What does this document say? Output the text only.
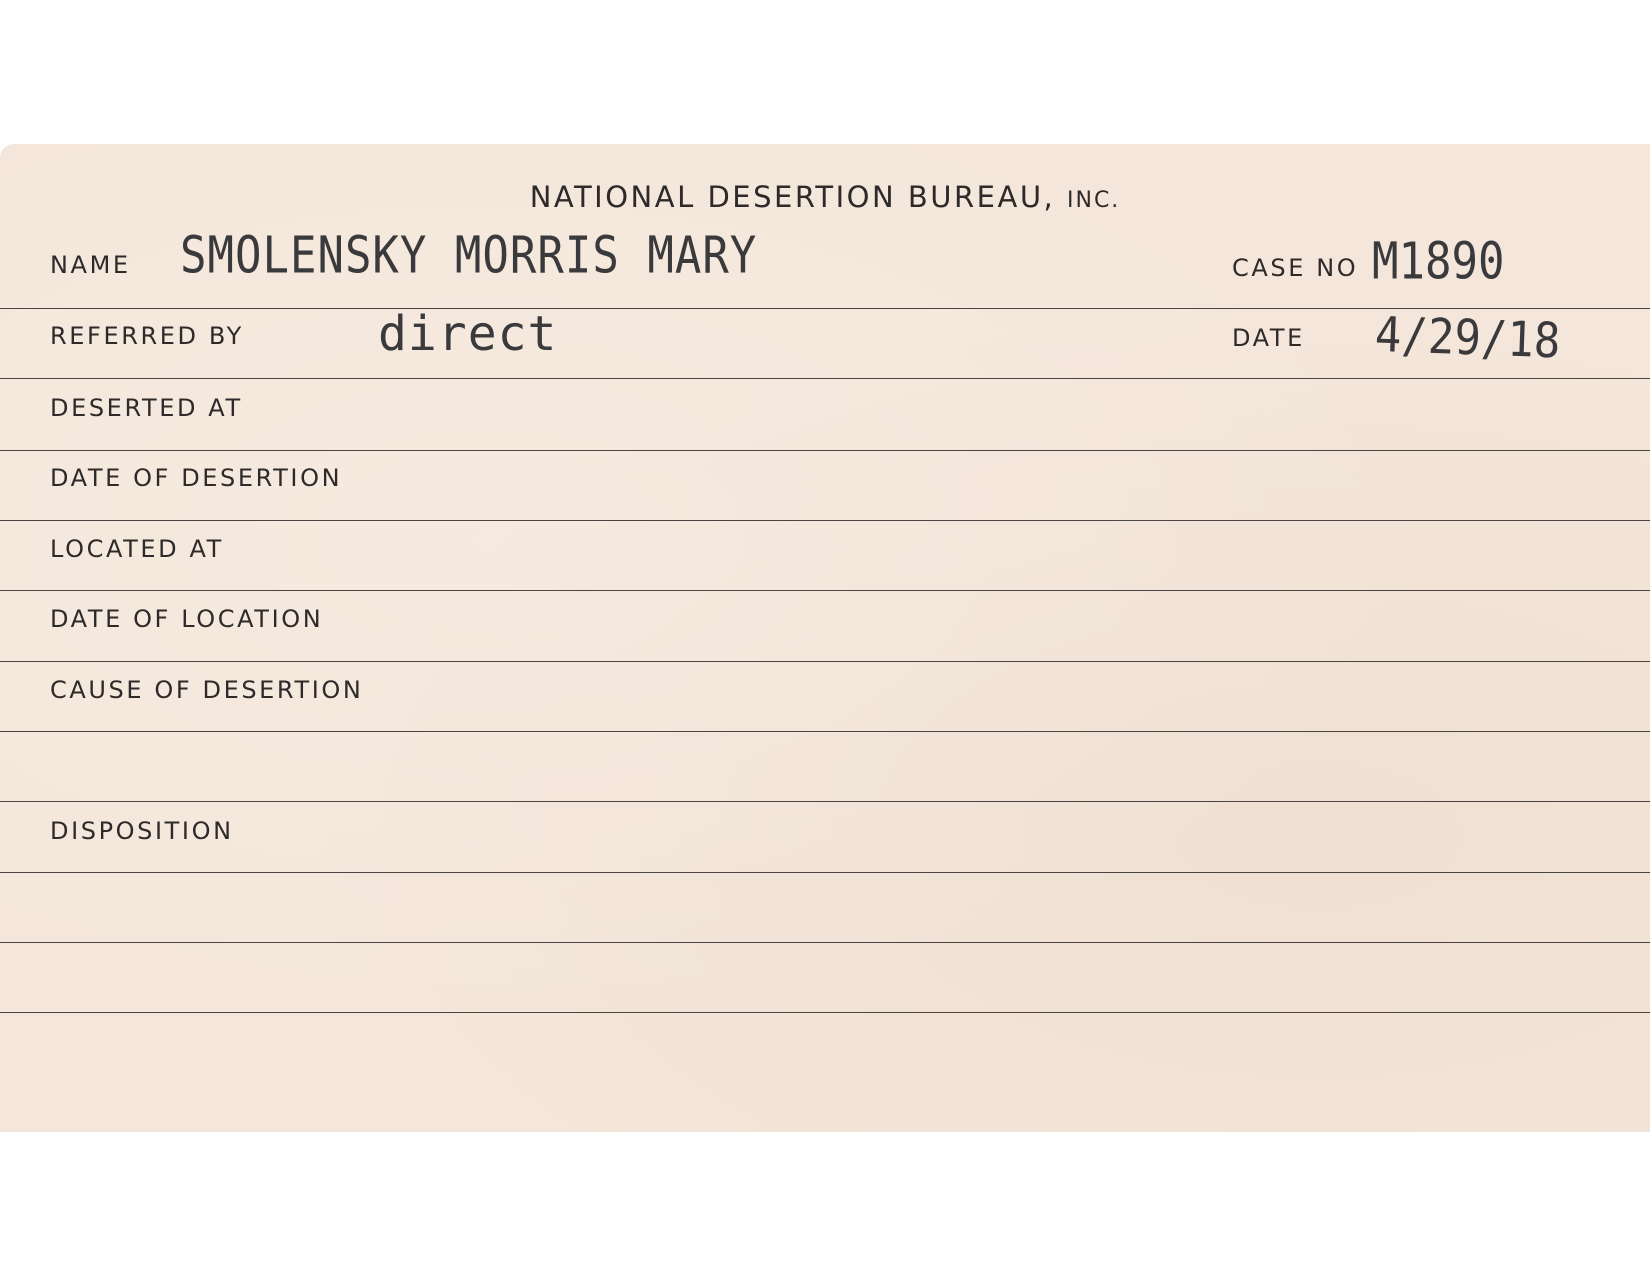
NATIONAL DESERTION BUREAU, INC.
NAME SMOLENSKY MORRIS MARY	CASE NO M1890
REFERRED BY	direct	DATE 4/29/18
DESERTED AT
DATE OF DESERTION
LOCATED AT
DATE OF LOCATION
CAUSE OF DESERTION
DISPOSITION
